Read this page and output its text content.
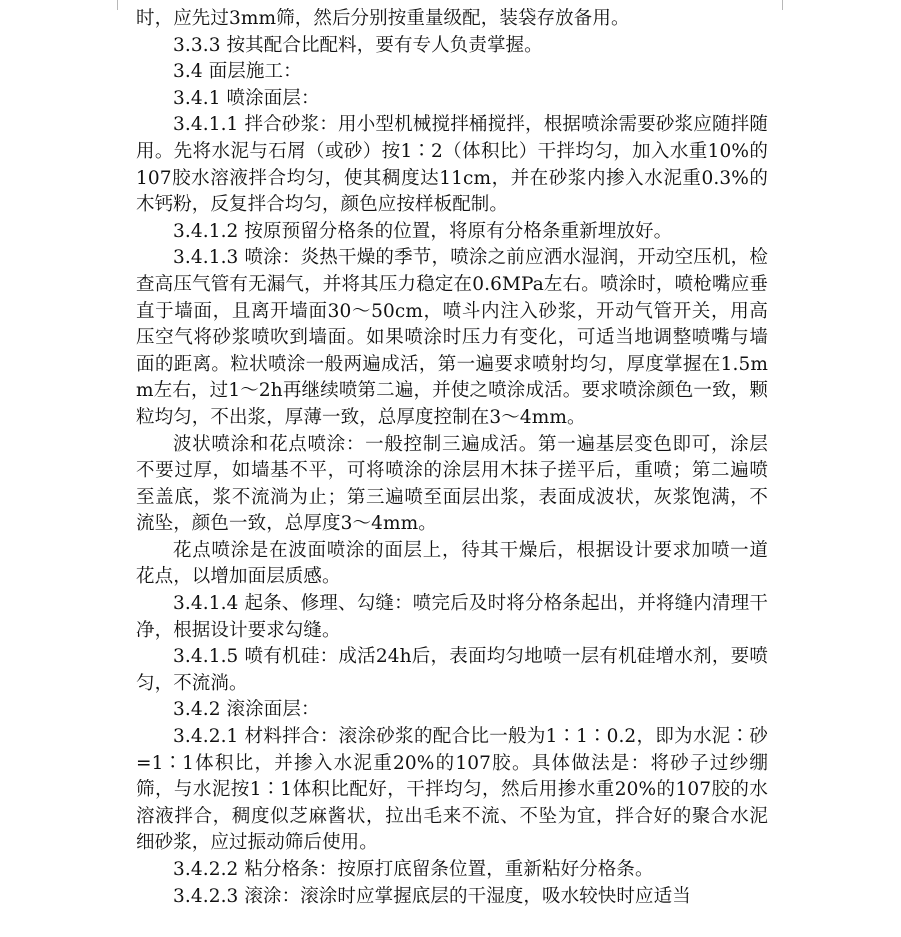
时，应先过3mm筛，然后分别按重量级配，装袋存放备用。

3.3.3 按其配合比配料，要有专人负责掌握。

3.4 面层施工：

3.4.1 喷涂面层：

3.4.1.1 拌合砂浆：用小型机械搅拌桶搅拌，根据喷涂需要砂浆应随拌随用。先将水泥与石屑（或砂）按1∶2（体积比）干拌均匀，加入水重10%的107胶水溶液拌合均匀，使其稠度达11cm，并在砂浆内掺入水泥重0.3%的木钙粉，反复拌合均匀，颜色应按样板配制。

3.4.1.2 按原预留分格条的位置，将原有分格条重新埋放好。

3.4.1.3 喷涂：炎热干燥的季节，喷涂之前应洒水湿润，开动空压机，检查高压气管有无漏气，并将其压力稳定在0.6MPa左右。喷涂时，喷枪嘴应垂直于墙面，且离开墙面30～50cm，喷斗内注入砂浆，开动气管开关，用高压空气将砂浆喷吹到墙面。如果喷涂时压力有变化，可适当地调整喷嘴与墙面的距离。粒状喷涂一般两遍成活，第一遍要求喷射均匀，厚度掌握在1.5mm左右，过1～2h再继续喷第二遍，并使之喷涂成活。要求喷涂颜色一致，颗粒均匀，不出浆，厚薄一致，总厚度控制在3～4mm。

波状喷涂和花点喷涂：一般控制三遍成活。第一遍基层变色即可，涂层不要过厚，如墙基不平，可将喷涂的涂层用木抹子搓平后，重喷；第二遍喷至盖底，浆不流淌为止；第三遍喷至面层出浆，表面成波状，灰浆饱满，不流坠，颜色一致，总厚度3～4mm。

花点喷涂是在波面喷涂的面层上，待其干燥后，根据设计要求加喷一道花点，以增加面层质感。

3.4.1.4 起条、修理、勾缝：喷完后及时将分格条起出，并将缝内清理干净，根据设计要求勾缝。

3.4.1.5 喷有机硅：成活24h后，表面均匀地喷一层有机硅增水剂，要喷匀，不流淌。

3.4.2 滚涂面层：

3.4.2.1 材料拌合：滚涂砂浆的配合比一般为1∶1∶0.2，即为水泥∶砂=1∶1体积比，并掺入水泥重20%的107胶。具体做法是：将砂子过纱绷筛，与水泥按1∶1体积比配好，干拌均匀，然后用掺水重20%的107胶的水溶液拌合，稠度似芝麻酱状，拉出毛来不流、不坠为宜，拌合好的聚合水泥细砂浆，应过振动筛后使用。

3.4.2.2 粘分格条：按原打底留条位置，重新粘好分格条。

3.4.2.3 滚涂：滚涂时应掌握底层的干湿度，吸水较快时应适当
